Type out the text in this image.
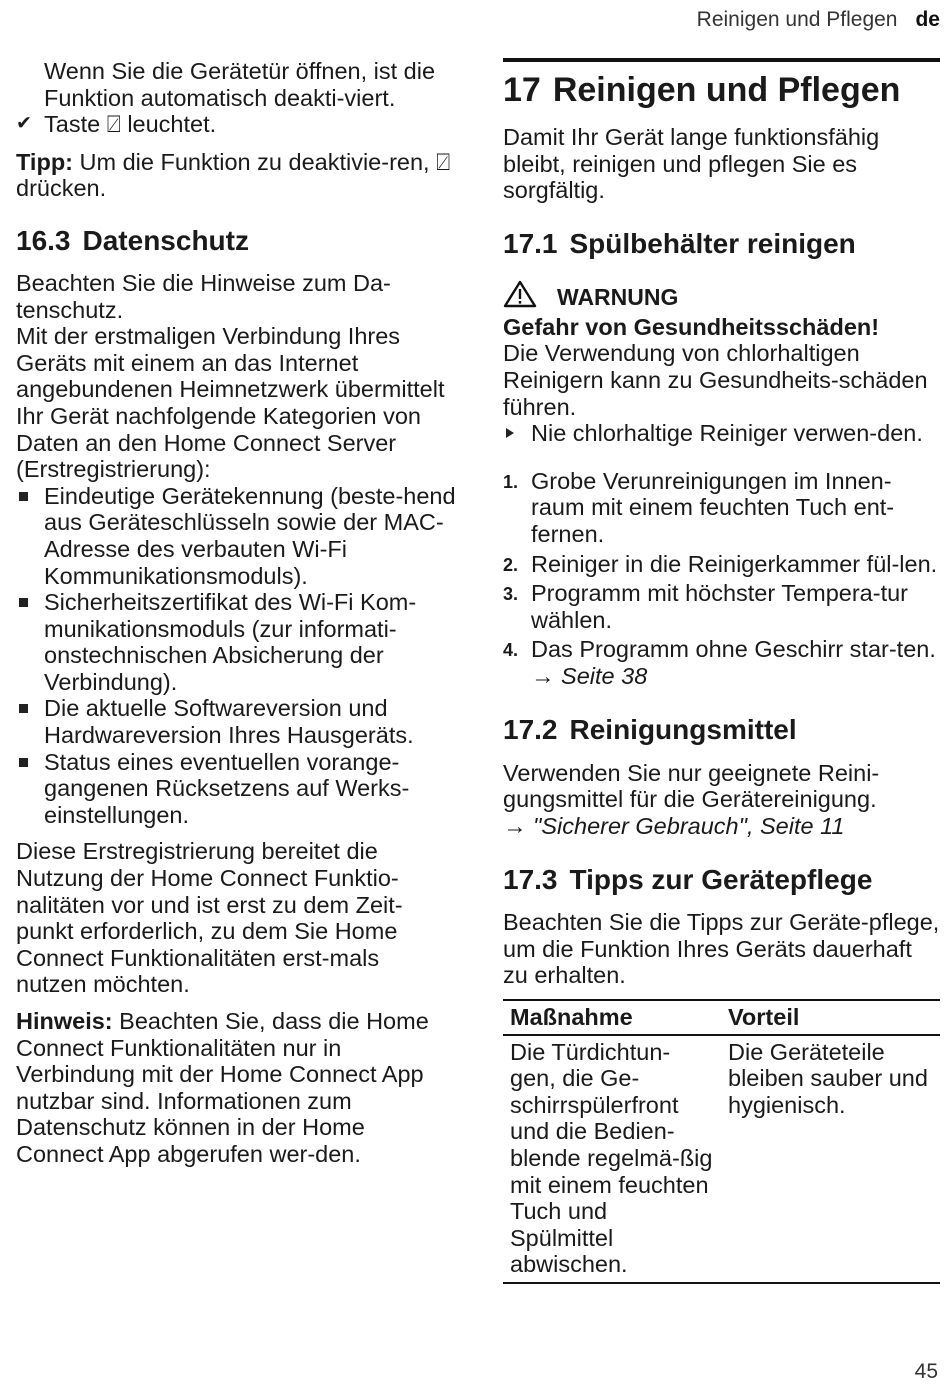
Reinigen und Pflegen de

Wenn Sie die Gerätetür öffnen, ist die Funktion automatisch deakti-viert.

✔ Taste ⍁ leuchtet.

Tipp: Um die Funktion zu deaktivie-ren, ⍁ drücken.

16.3 Datenschutz

Beachten Sie die Hinweise zum Da-tenschutz.

Mit der erstmaligen Verbindung Ihres Geräts mit einem an das Internet angebundenen Heimnetzwerk übermittelt Ihr Gerät nachfolgende Kategorien von Daten an den Home Connect Server (Erstregistrierung):

Eindeutige Gerätekennung (beste-hend aus Geräteschlüsseln sowie der MAC-Adresse des verbauten Wi-Fi Kommunikationsmoduls).

Sicherheitszertifikat des Wi-Fi Kom-munikationsmoduls (zur informati-onstechnischen Absicherung der Verbindung).

Die aktuelle Softwareversion und Hardwareversion Ihres Hausgeräts.

Status eines eventuellen vorange-gangenen Rücksetzens auf Werks-einstellungen.

Diese Erstregistrierung bereitet die Nutzung der Home Connect Funktio-nalitäten vor und ist erst zu dem Zeit-punkt erforderlich, zu dem Sie Home Connect Funktionalitäten erst-mals nutzen möchten.

Hinweis: Beachten Sie, dass die Home Connect Funktionalitäten nur in Verbindung mit der Home Connect App nutzbar sind. Informationen zum Datenschutz können in der Home Connect App abgerufen wer-den.

17 Reinigen und Pflegen

Damit Ihr Gerät lange funktionsfähig bleibt, reinigen und pflegen Sie es sorgfältig.

17.1 Spülbehälter reinigen
WARNUNG

Gefahr von Gesundheitsschäden!

Die Verwendung von chlorhaltigen Reinigern kann zu Gesundheits-schäden führen.

Nie chlorhaltige Reiniger verwen-den.

1. Grobe Verunreinigungen im Innen-raum mit einem feuchten Tuch ent-fernen.

2. Reiniger in die Reinigerkammer fül-len.

3. Programm mit höchster Tempera-tur wählen.

4. Das Programm ohne Geschirr star-ten. → Seite 38

17.2 Reinigungsmittel

Verwenden Sie nur geeignete Reini-gungsmittel für die Gerätereinigung.

→ "Sicherer Gebrauch", Seite 11

17.3 Tipps zur Gerätepflege

Beachten Sie die Tipps zur Geräte-pflege, um die Funktion Ihres Geräts dauerhaft zu erhalten.

Maßnahme	Vorteil
Die Türdichtun-gen, die Ge-schirrspülerfront und die Bedien-blende regelmä-ßig mit einem feuchten Tuch und Spülmittel abwischen.	Die Geräteteile bleiben sauber und hygienisch.
45
